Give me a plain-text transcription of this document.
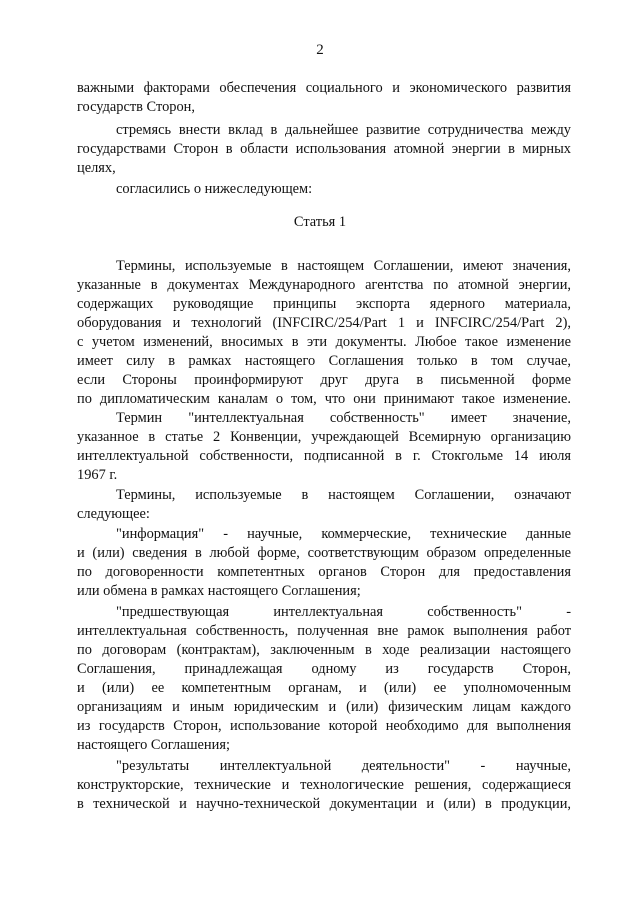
2
важными факторами обеспечения социального и экономического развития
государств Сторон,
стремясь внести вклад в дальнейшее развитие сотрудничества между
государствами Сторон в области использования атомной энергии в мирных
целях,
согласились о нижеследующем:
Статья 1
Термины, используемые в настоящем Соглашении, имеют значения,
указанные в документах Международного агентства по атомной энергии,
содержащих руководящие принципы экспорта ядерного материала,
оборудования и технологий (INFCIRC/254/Part 1 и INFCIRC/254/Part 2),
с учетом изменений, вносимых в эти документы. Любое такое изменение
имеет силу в рамках настоящего Соглашения только в том случае,
если Стороны проинформируют друг друга в письменной форме
по дипломатическим каналам о том, что они принимают такое изменение.
Термин "интеллектуальная собственность" имеет значение,
указанное в статье 2 Конвенции, учреждающей Всемирную организацию
интеллектуальной собственности, подписанной в г. Стокгольме 14 июля
1967 г.
Термины, используемые в настоящем Соглашении, означают
следующее:
"информация" - научные, коммерческие, технические данные
и (или) сведения в любой форме, соответствующим образом определенные
по договоренности компетентных органов Сторон для предоставления
или обмена в рамках настоящего Соглашения;
"предшествующая интеллектуальная собственность" -
интеллектуальная собственность, полученная вне рамок выполнения работ
по договорам (контрактам), заключенным в ходе реализации настоящего
Соглашения, принадлежащая одному из государств Сторон,
и (или) ее компетентным органам, и (или) ее уполномоченным
организациям и иным юридическим и (или) физическим лицам каждого
из государств Сторон, использование которой необходимо для выполнения
настоящего Соглашения;
"результаты интеллектуальной деятельности" - научные,
конструкторские, технические и технологические решения, содержащиеся
в технической и научно-технической документации и (или) в продукции,
